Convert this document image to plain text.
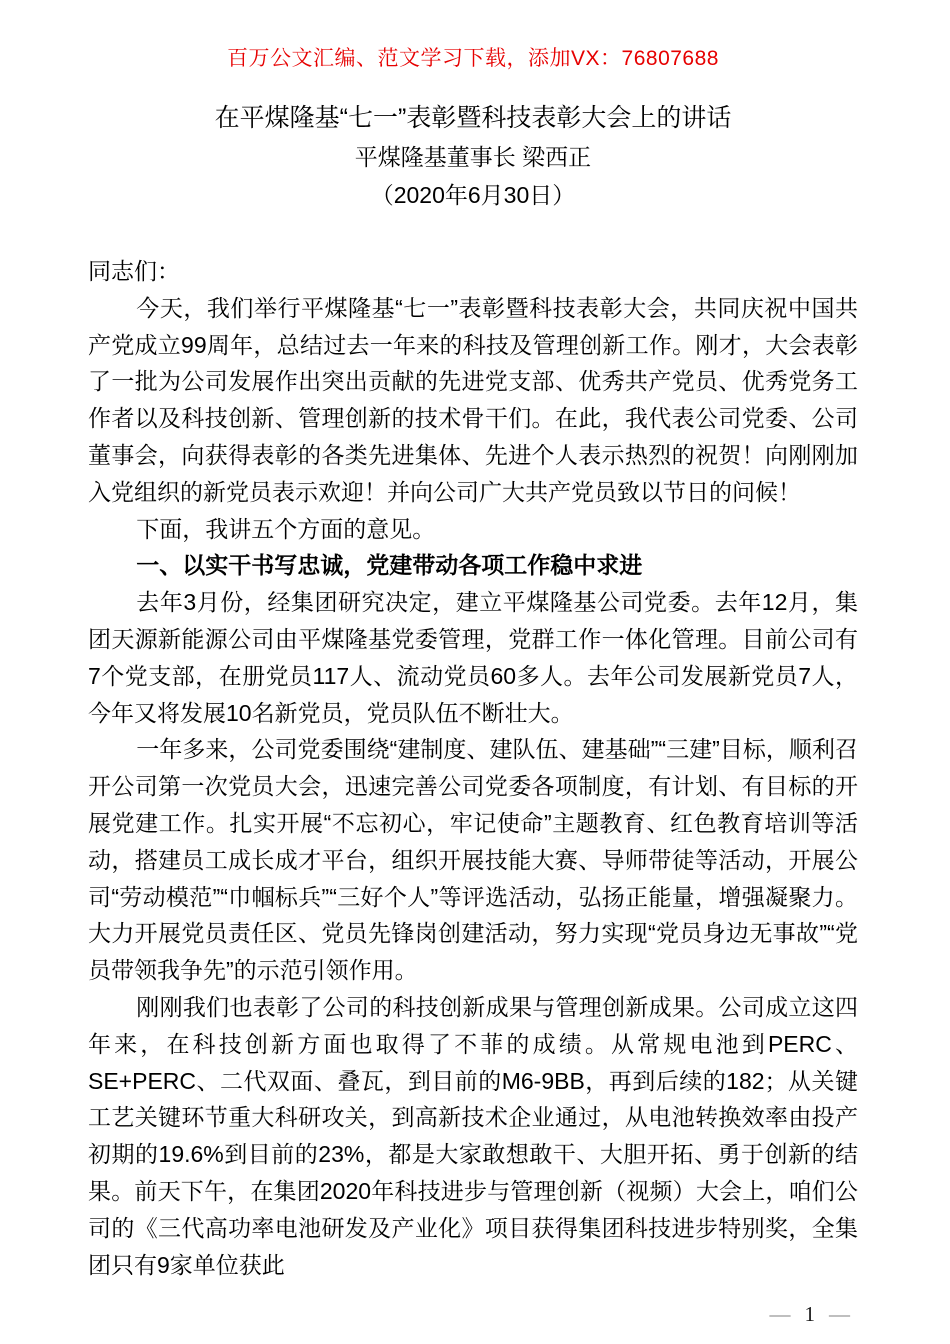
百万公文汇编、范文学习下载，添加VX：76807688
在平煤隆基“七一”表彰暨科技表彰大会上的讲话
平煤隆基董事长 梁西正
（2020年6月30日）

同志们：

今天，我们举行平煤隆基“七一”表彰暨科技表彰大会，共同庆祝中国共产党成立99周年，总结过去一年来的科技及管理创新工作。刚才，大会表彰了一批为公司发展作出突出贡献的先进党支部、优秀共产党员、优秀党务工作者以及科技创新、管理创新的技术骨干们。在此，我代表公司党委、公司董事会，向获得表彰的各类先进集体、先进个人表示热烈的祝贺！向刚刚加入党组织的新党员表示欢迎！并向公司广大共产党员致以节日的问候！

下面，我讲五个方面的意见。

一、以实干书写忠诚，党建带动各项工作稳中求进

去年3月份，经集团研究决定，建立平煤隆基公司党委。去年12月，集团天源新能源公司由平煤隆基党委管理，党群工作一体化管理。目前公司有7个党支部，在册党员117人、流动党员60多人。去年公司发展新党员7人，今年又将发展10名新党员，党员队伍不断壮大。

一年多来，公司党委围绕“建制度、建队伍、建基础”“三建”目标，顺利召开公司第一次党员大会，迅速完善公司党委各项制度，有计划、有目标的开展党建工作。扎实开展“不忘初心，牢记使命”主题教育、红色教育培训等活动，搭建员工成长成才平台，组织开展技能大赛、导师带徒等活动，开展公司“劳动模范”“巾帼标兵”“三好个人”等评选活动，弘扬正能量，增强凝聚力。大力开展党员责任区、党员先锋岗创建活动，努力实现“党员身边无事故”“党员带领我争先”的示范引领作用。

刚刚我们也表彰了公司的科技创新成果与管理创新成果。公司成立这四年来，在科技创新方面也取得了不菲的成绩。从常规电池到PERC、SE+PERC、二代双面、叠瓦，到目前的M6-9BB，再到后续的182；从关键工艺关键环节重大科研攻关，到高新技术企业通过，从电池转换效率由投产初期的19.6%到目前的23%，都是大家敢想敢干、大胆开拓、勇于创新的结果。前天下午，在集团2020年科技进步与管理创新（视频）大会上，咱们公司的《三代高功率电池研发及产业化》项目获得集团科技进步特别奖，全集团只有9家单位获此

— 1 —
